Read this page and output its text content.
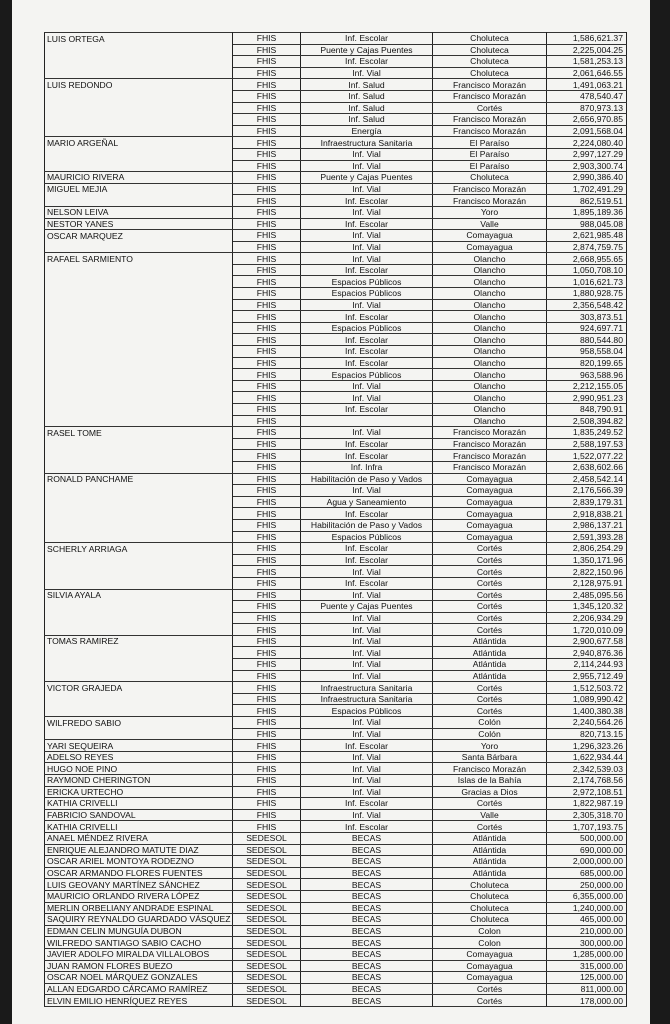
LUIS ORTEGA	FHIS	Inf. Escolar	Choluteca	1,586,621.37
	FHIS	Puente y Cajas Puentes	Choluteca	2,225,004.25
	FHIS	Inf. Escolar	Choluteca	1,581,253.13
	FHIS	Inf. Vial	Choluteca	2,061,646.55
LUIS REDONDO	FHIS	Inf. Salud	Francisco Morazán	1,491,063.21
	FHIS	Inf. Salud	Francisco Morazán	478,540.47
	FHIS	Inf. Salud	Cortés	870,973.13
	FHIS	Inf. Salud	Francisco Morazán	2,656,970.85
	FHIS	Energía	Francisco Morazán	2,091,568.04
MARIO ARGEÑAL	FHIS	Infraestructura Sanitaria	El Paraíso	2,224,080.40
	FHIS	Inf. Vial	El Paraíso	2,997,127.29
	FHIS	Inf. Vial	El Paraíso	2,903,300.74
MAURICIO RIVERA	FHIS	Puente y Cajas Puentes	Choluteca	2,990,386.40
MIGUEL MEJIA	FHIS	Inf. Vial	Francisco Morazán	1,702,491.29
	FHIS	Inf. Escolar	Francisco Morazán	862,519.51
NELSON LEIVA	FHIS	Inf. Vial	Yoro	1,895,189.36
NESTOR YANES	FHIS	Inf. Escolar	Valle	988,045.08
OSCAR MARQUEZ	FHIS	Inf. Vial	Comayagua	2,621,985.48
	FHIS	Inf. Vial	Comayagua	2,874,759.75
RAFAEL SARMIENTO	FHIS	Inf. Vial	Olancho	2,668,955.65
	FHIS	Inf. Escolar	Olancho	1,050,708.10
	FHIS	Espacios Públicos	Olancho	1,016,621.73
	FHIS	Espacios Públicos	Olancho	1,880,928.75
	FHIS	Inf. Vial	Olancho	2,356,548.42
	FHIS	Inf. Escolar	Olancho	303,873.51
	FHIS	Espacios Públicos	Olancho	924,697.71
	FHIS	Inf. Escolar	Olancho	880,544.80
	FHIS	Inf. Escolar	Olancho	958,558.04
	FHIS	Inf. Escolar	Olancho	820,199.65
	FHIS	Espacios Públicos	Olancho	963,588.96
	FHIS	Inf. Vial	Olancho	2,212,155.05
	FHIS	Inf. Vial	Olancho	2,990,951.23
	FHIS	Inf. Escolar	Olancho	848,790.91
	FHIS		Olancho	2,508,394.82
RASEL TOME	FHIS	Inf. Vial	Francisco Morazán	1,835,249.52
	FHIS	Inf. Escolar	Francisco Morazán	2,588,197.53
	FHIS	Inf. Escolar	Francisco Morazán	1,522,077.22
	FHIS	Inf. Infra	Francisco Morazán	2,638,602.66
RONALD PANCHAME	FHIS	Habilitación de Paso y Vados	Comayagua	2,458,542.14
	FHIS	Inf. Vial	Comayagua	2,176,566.39
	FHIS	Agua y Saneamiento	Comayagua	2,839,179.31
	FHIS	Inf. Escolar	Comayagua	2,918,838.21
	FHIS	Habilitación de Paso y Vados	Comayagua	2,986,137.21
	FHIS	Espacios Públicos	Comayagua	2,591,393.28
SCHERLY ARRIAGA	FHIS	Inf. Escolar	Cortés	2,806,254.29
	FHIS	Inf. Escolar	Cortés	1,350,171.96
	FHIS	Inf. Vial	Cortés	2,822,150.96
	FHIS	Inf. Escolar	Cortés	2,128,975.91
SILVIA AYALA	FHIS	Inf. Vial	Cortés	2,485,095.56
	FHIS	Puente y Cajas Puentes	Cortés	1,345,120.32
	FHIS	Inf. Vial	Cortés	2,206,934.29
	FHIS	Inf. Vial	Cortés	1,720,010.09
TOMAS RAMIREZ	FHIS	Inf. Vial	Atlántida	2,900,677.58
	FHIS	Inf. Vial	Atlántida	2,940,876.36
	FHIS	Inf. Vial	Atlántida	2,114,244.93
	FHIS	Inf. Vial	Atlántida	2,955,712.49
VICTOR GRAJEDA	FHIS	Infraestructura Sanitaria	Cortés	1,512,503.72
	FHIS	Infraestructura Sanitaria	Cortés	1,089,990.42
	FHIS	Espacios Públicos	Cortés	1,400,380.38
WILFREDO SABIO	FHIS	Inf. Vial	Colón	2,240,564.26
	FHIS	Inf. Vial	Colón	820,713.15
YARI SEQUEIRA	FHIS	Inf. Escolar	Yoro	1,296,323.26
ADELSO REYES	FHIS	Inf. Vial	Santa Bárbara	1,622,934.44
HUGO NOE PINO	FHIS	Inf. Vial	Francisco Morazán	2,342,539.03
RAYMOND CHERINGTON	FHIS	Inf. Vial	Islas de la Bahía	2,174,768.56
ERICKA URTECHO	FHIS	Inf. Vial	Gracias a Dios	2,972,108.51
KATHIA CRIVELLI	FHIS	Inf. Escolar	Cortés	1,822,987.19
FABRICIO SANDOVAL	FHIS	Inf. Vial	Valle	2,305,318.70
KATHIA CRIVELLI	FHIS	Inf. Escolar	Cortés	1,707,193.75
ANAEL MÉNDEZ RIVERA	SEDESOL	BECAS	Atlántida	500,000.00
ENRIQUE ALEJANDRO MATUTE DIAZ	SEDESOL	BECAS	Atlántida	690,000.00
OSCAR ARIEL MONTOYA RODEZNO	SEDESOL	BECAS	Atlántida	2,000,000.00
OSCAR ARMANDO FLORES FUENTES	SEDESOL	BECAS	Atlántida	685,000.00
LUIS GEOVANY MARTÍNEZ SÁNCHEZ	SEDESOL	BECAS	Choluteca	250,000.00
MAURICIO ORLANDO RIVERA LÓPEZ	SEDESOL	BECAS	Choluteca	6,355,000.00
MERLIN ORBELIANY ANDRADE ESPINAL	SEDESOL	BECAS	Choluteca	1,240,000.00
SAQUIRY REYNALDO GUARDADO VÁSQUEZ	SEDESOL	BECAS	Choluteca	465,000.00
EDMAN CELIN MUNGUÍA DUBON	SEDESOL	BECAS	Colon	210,000.00
WILFREDO SANTIAGO SABIO CACHO	SEDESOL	BECAS	Colon	300,000.00
JAVIER ADOLFO MIRALDA VILLALOBOS	SEDESOL	BECAS	Comayagua	1,285,000.00
JUAN RAMON FLORES BUEZO	SEDESOL	BECAS	Comayagua	315,000.00
OSCAR NOEL MÁRQUEZ GONZALES	SEDESOL	BECAS	Comayagua	125,000.00
ALLAN EDGARDO CÁRCAMO RAMÍREZ	SEDESOL	BECAS	Cortés	811,000.00
ELVIN EMILIO HENRÍQUEZ REYES	SEDESOL	BECAS	Cortés	178,000.00
